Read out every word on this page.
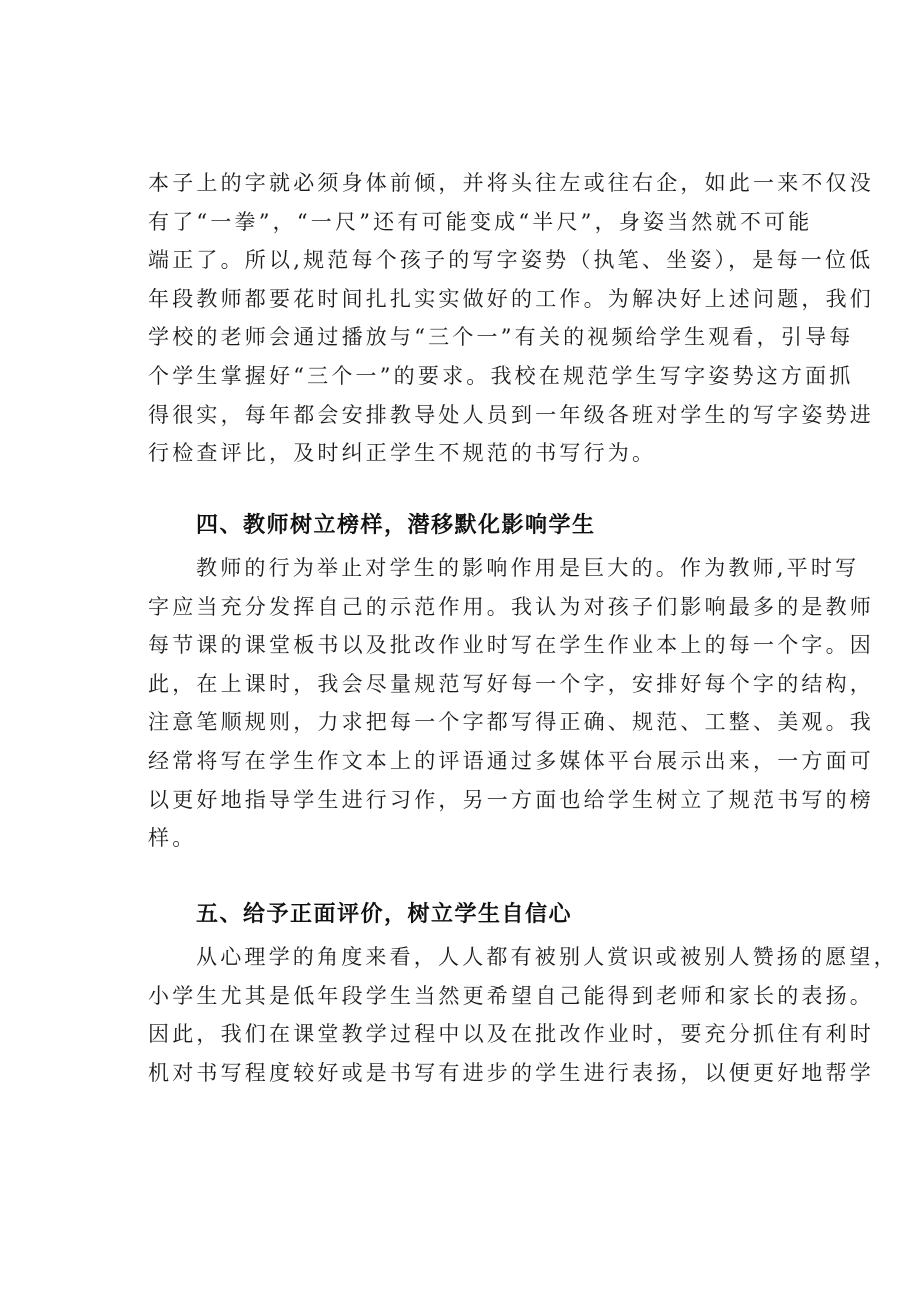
本子上的字就必须身体前倾，并将头往左或往右企，如此一来不仅没
有了“一拳”，“一尺”还有可能变成“半尺”，身姿当然就不可能
端正了。所以,规范每个孩子的写字姿势（执笔、坐姿），是每一位低
年段教师都要花时间扎扎实实做好的工作。为解决好上述问题，我们
学校的老师会通过播放与“三个一”有关的视频给学生观看，引导每
个学生掌握好“三个一”的要求。我校在规范学生写字姿势这方面抓
得很实，每年都会安排教导处人员到一年级各班对学生的写字姿势进
行检查评比，及时纠正学生不规范的书写行为。

四、教师树立榜样，潜移默化影响学生

教师的行为举止对学生的影响作用是巨大的。作为教师,平时写
字应当充分发挥自己的示范作用。我认为对孩子们影响最多的是教师
每节课的课堂板书以及批改作业时写在学生作业本上的每一个字。因
此，在上课时，我会尽量规范写好每一个字，安排好每个字的结构，
注意笔顺规则，力求把每一个字都写得正确、规范、工整、美观。我
经常将写在学生作文本上的评语通过多媒体平台展示出来，一方面可
以更好地指导学生进行习作，另一方面也给学生树立了规范书写的榜
样。

五、给予正面评价，树立学生自信心

从心理学的角度来看，人人都有被别人赏识或被别人赞扬的愿望，
小学生尤其是低年段学生当然更希望自己能得到老师和家长的表扬。
因此，我们在课堂教学过程中以及在批改作业时，要充分抓住有利时
机对书写程度较好或是书写有进步的学生进行表扬，以便更好地帮学
